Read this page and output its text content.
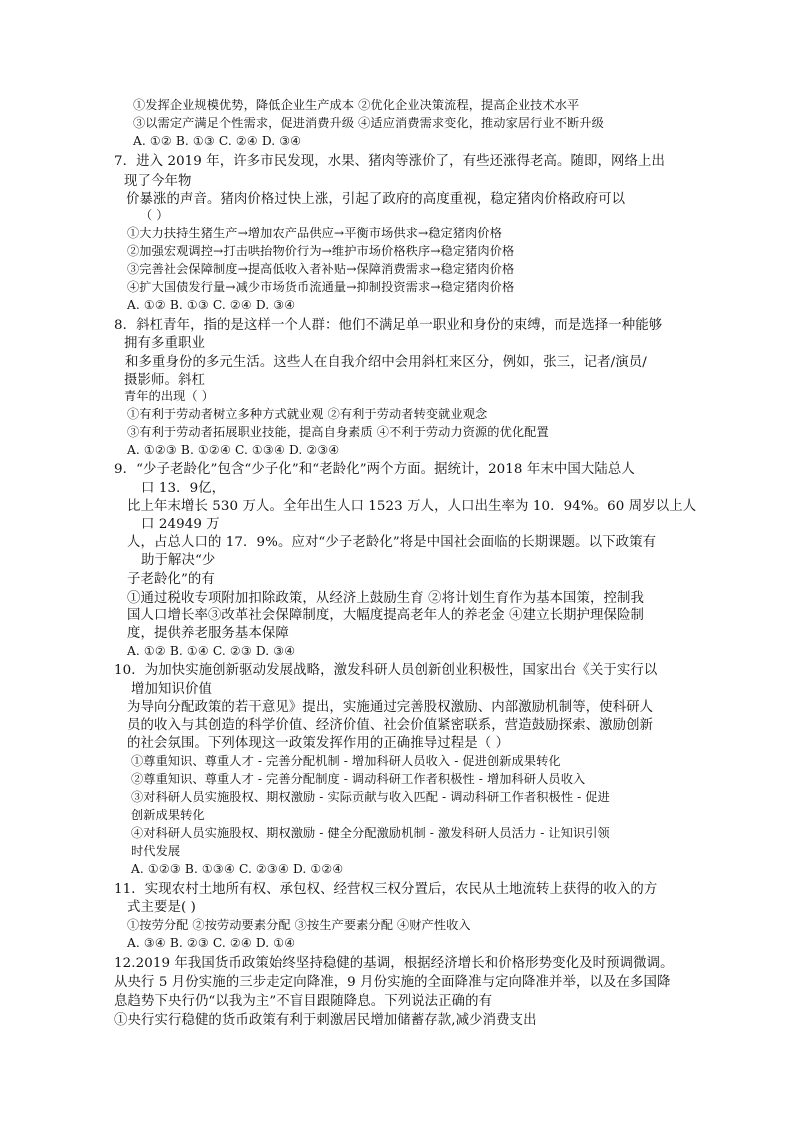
①发挥企业规模优势，降低企业生产成本 ②优化企业决策流程，提高企业技术水平
③以需定产满足个性需求，促进消费升级 ④适应消费需求变化，推动家居行业不断升级
A. ①② B. ①③ C. ②④ D. ③④
7．进入 2019 年，许多市民发现，水果、猪肉等涨价了，有些还涨得老高。随即，网络上出
现了今年物
价暴涨的声音。猪肉价格过快上涨，引起了政府的高度重视，稳定猪肉价格政府可以
（ ）
①大力扶持生猪生产→增加农产品供应→平衡市场供求→稳定猪肉价格
②加强宏观调控→打击哄抬物价行为→维护市场价格秩序→稳定猪肉价格
③完善社会保障制度→提高低收入者补贴→保障消费需求→稳定猪肉价格
④扩大国债发行量→减少市场货币流通量→抑制投资需求→稳定猪肉价格
A. ①② B. ①③ C. ②④ D. ③④
8．斜杠青年，指的是这样一个人群：他们不满足单一职业和身份的束缚，而是选择一种能够
拥有多重职业
和多重身份的多元生活。这些人在自我介绍中会用斜杠来区分，例如，张三，记者/演员/
摄影师。斜杠
青年的出现（ ）
①有利于劳动者树立多种方式就业观 ②有利于劳动者转变就业观念
③有利于劳动者拓展职业技能，提高自身素质 ④不利于劳动力资源的优化配置
A. ①②③ B. ①②④ C. ①③④ D. ②③④
9．“少子老龄化”包含“少子化”和“老龄化”两个方面。据统计，2018 年末中国大陆总人
口 13．9亿，
比上年末增长 530 万人。全年出生人口 1523 万人，人口出生率为 10．94%。60 周岁以上人
口 24949 万
人，占总人口的 17．9%。应对“少子老龄化”将是中国社会面临的长期课题。以下政策有
助于解决“少
子老龄化”的有
①通过税收专项附加扣除政策，从经济上鼓励生育 ②将计划生育作为基本国策，控制我
国人口增长率③改革社会保障制度，大幅度提高老年人的养老金 ④建立长期护理保险制
度，提供养老服务基本保障
A. ①② B. ①④ C. ②③ D. ③④
10．为加快实施创新驱动发展战略，激发科研人员创新创业积极性，国家出台《关于实行以
增加知识价值
为导向分配政策的若干意见》提出，实施通过完善股权激励、内部激励机制等，使科研人
员的收入与其创造的科学价值、经济价值、社会价值紧密联系，营造鼓励探索、激励创新
的社会氛围。下列体现这一政策发挥作用的正确推导过程是（ ）
①尊重知识、尊重人才 - 完善分配机制 - 增加科研人员收入 - 促进创新成果转化
②尊重知识、尊重人才 - 完善分配制度 - 调动科研工作者积极性 - 增加科研人员收入
③对科研人员实施股权、期权激励 - 实际贡献与收入匹配 - 调动科研工作者积极性 - 促进
创新成果转化
④对科研人员实施股权、期权激励 - 健全分配激励机制 - 激发科研人员活力 - 让知识引领
时代发展
A. ①②③ B. ①③④ C. ②③④ D. ①②④
11．实现农村土地所有权、承包权、经营权三权分置后，农民从土地流转上获得的收入的方
式主要是( )
①按劳分配 ②按劳动要素分配 ③按生产要素分配 ④财产性收入
A. ③④ B. ②③ C. ②④ D. ①④
12.2019 年我国货币政策始终坚持稳健的基调，根据经济增长和价格形势变化及时预调微调。
从央行 5 月份实施的三步走定向降准，9 月份实施的全面降准与定向降准并举，以及在多国降
息趋势下央行仍“以我为主”不盲目跟随降息。下列说法正确的有
①央行实行稳健的货币政策有利于刺激居民增加储蓄存款,减少消费支出
